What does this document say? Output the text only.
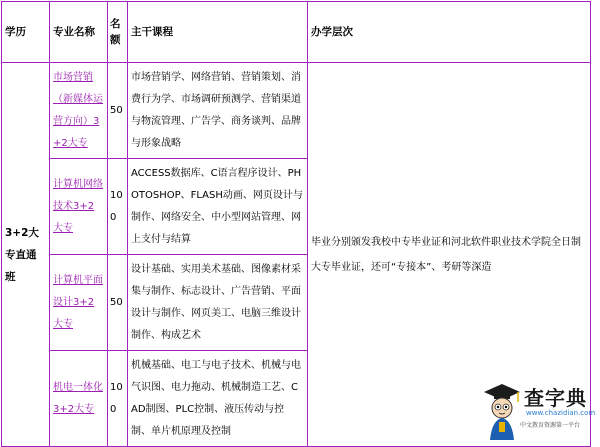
学历	专业名称	名额	主干课程	办学层次
3+2大专直通班	市场营销（新媒体运营方向）3+2大专	50	市场营销学、网络营销、营销策划、消费行为学、市场调研预测学、营销渠道与物流管理、广告学、商务谈判、品牌与形象战略	毕业分别颁发我校中专毕业证和河北软件职业技术学院全日制大专毕业证，还可“专接本”、考研等深造
	计算机网络技术3+2大专	100	ACCESS数据库、C语言程序设计、PHOTOSHOP、FLASH动画、网页设计与制作、网络安全、中小型网站管理、网上支付与结算	
	计算机平面设计3+2大专	50	设计基础、实用美术基础、图像素材采集与制作、标志设计、广告营销、平面设计与制作、网页美工、电脑三维设计制作、构成艺术	
	机电一体化3+2大专	100	机械基础、电工与电子技术、机械与电气识图、电力拖动、机械制造工艺、CAD制图、PLC控制、液压传动与控制、单片机原理及控制	
查字典
www.chazidian.com
中文教育资源第一平台
